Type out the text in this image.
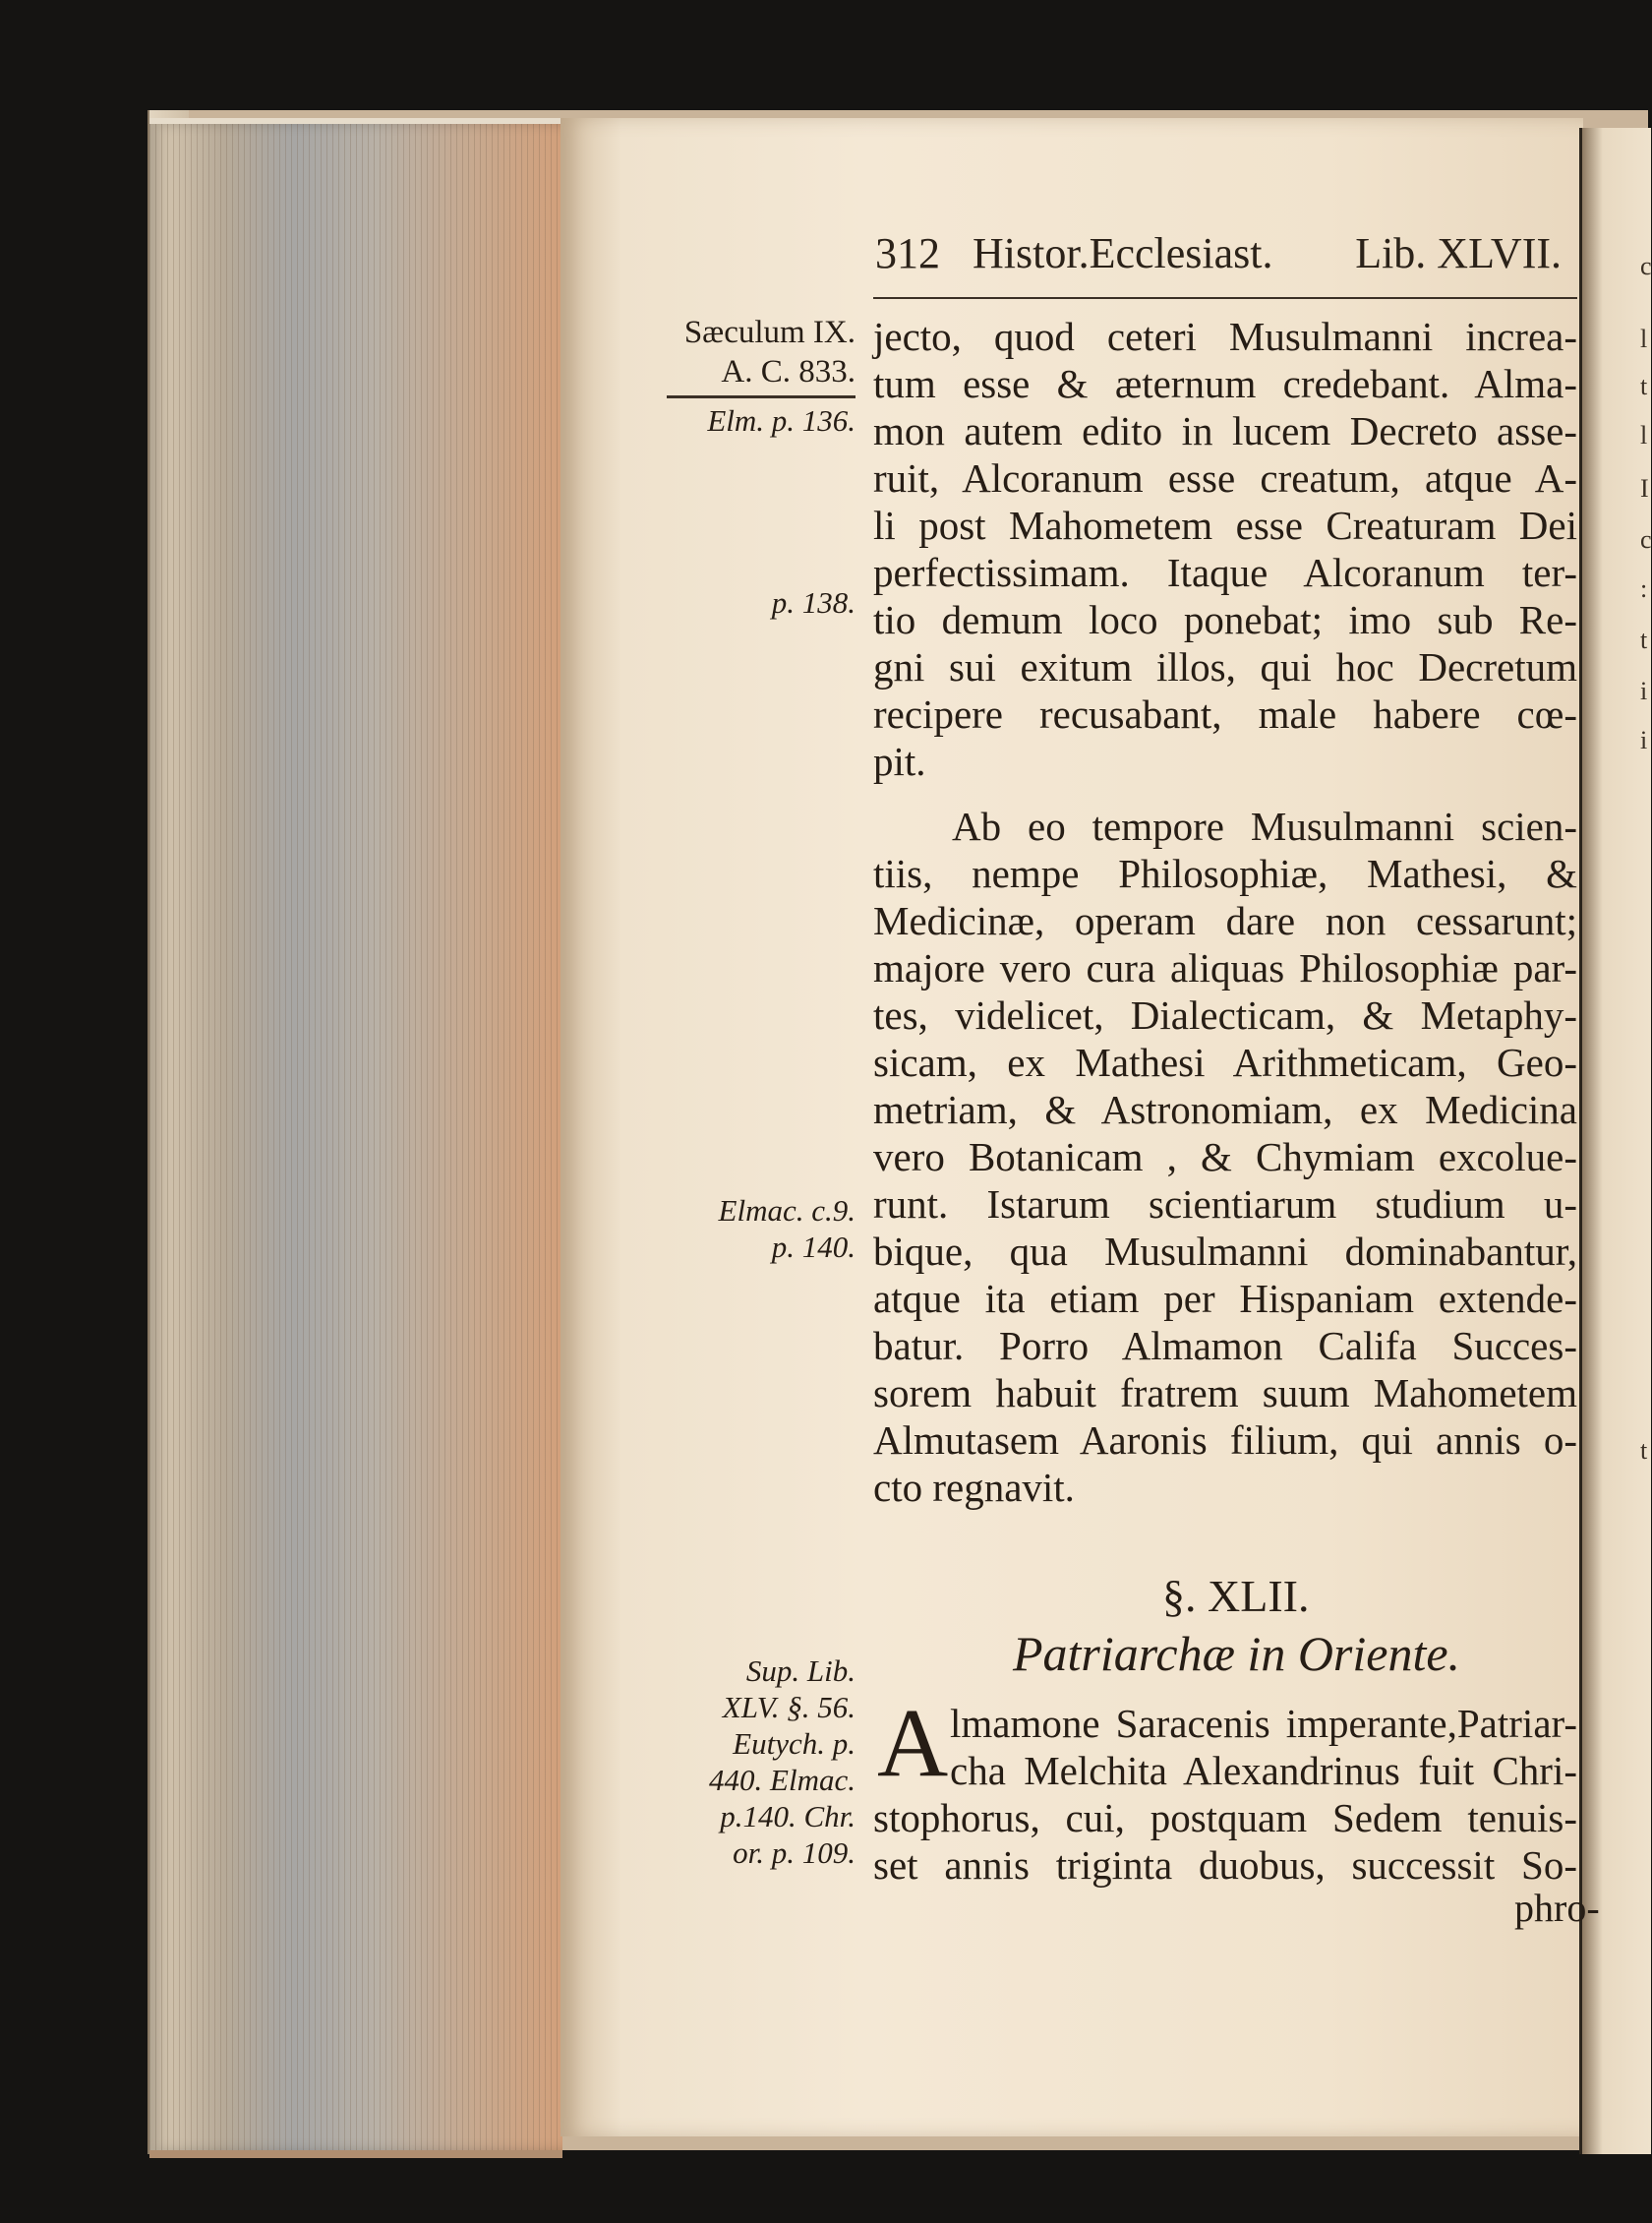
c
l
t
l
I
c
:
t
i
i
t
312 Histor.Ecclesiast. Lib. XLVII.
Sæculum IX.
A. C. 833.
Elm. p. 136.
p. 138.
Elmac. c.9.
p. 140.
Sup. Lib.
XLV. §. 56.
Eutych. p.
440. Elmac.
p.140. Chr.
or. p. 109.
jecto, quod ceteri Musulmanni increa-
tum esse & æternum credebant. Alma-
mon autem edito in lucem Decreto asse-
ruit, Alcoranum esse creatum, atque A-
li post Mahometem esse Creaturam Dei
perfectissimam. Itaque Alcoranum ter-
tio demum loco ponebat; imo sub Re-
gni sui exitum illos, qui hoc Decretum
recipere recusabant, male habere cœ-
pit.
Ab eo tempore Musulmanni scien-
tiis, nempe Philosophiæ, Mathesi, &
Medicinæ, operam dare non cessarunt;
majore vero cura aliquas Philosophiæ par-
tes, videlicet, Dialecticam, & Metaphy-
sicam, ex Mathesi Arithmeticam, Geo-
metriam, & Astronomiam, ex Medicina
vero Botanicam , & Chymiam excolue-
runt. Istarum scientiarum studium u-
bique, qua Musulmanni dominabantur,
atque ita etiam per Hispaniam extende-
batur. Porro Almamon Califa Succes-
sorem habuit fratrem suum Mahometem
Almutasem Aaronis filium, qui annis o-
cto regnavit.
§. XLII.
Patriarchæ in Oriente.
A lmamone Saracenis imperante,Patriar-
cha Melchita Alexandrinus fuit Chri-
stophorus, cui, postquam Sedem tenuis-
set annis triginta duobus, successit So-
phro-
